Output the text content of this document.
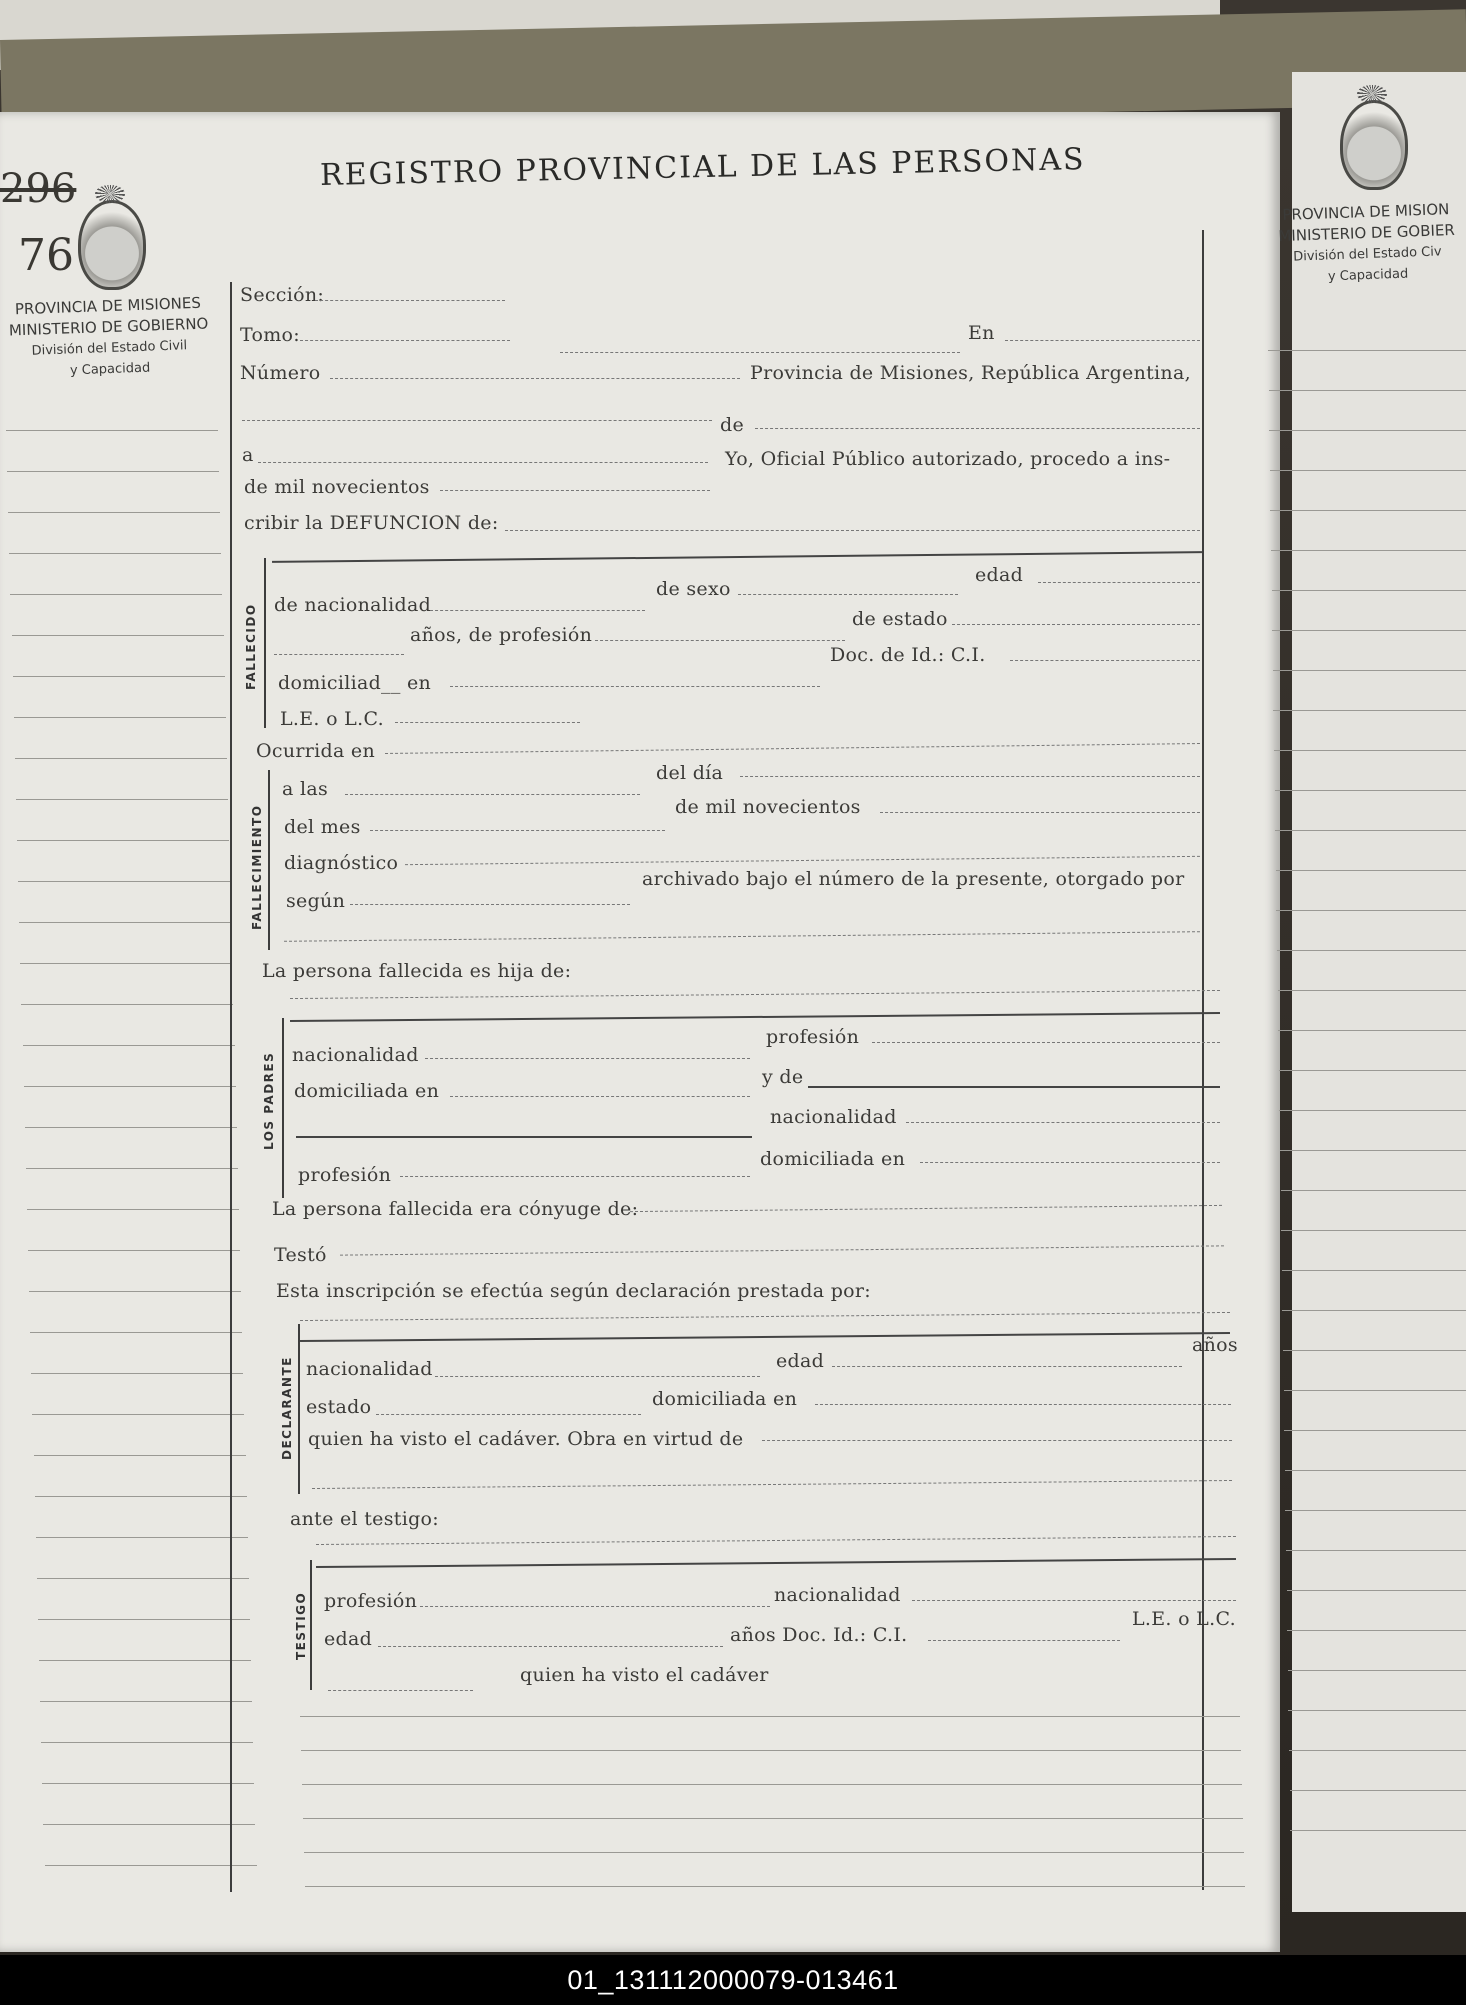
296
76
PROVINCIA DE MISIONES
MINISTERIO DE GOBIERNO
División del Estado Civil
y Capacidad
PROVINCIA DE MISION
MINISTERIO DE GOBIER
División del Estado Civ
y Capacidad
REGISTRO PROVINCIAL DE LAS PERSONAS
Sección:
Tomo:	En
Número	Provincia de Misiones, República Argentina,
de
a	Yo, Oficial Público autorizado, procedo a ins-
de mil novecientos
cribir la DEFUNCION de:
FALLECIDO de nacionalidad
de sexo
edad
años, de profesión
de estado
domiciliad__ en
Doc. de Id.: C.I.
L.E. o L.C.
Ocurrida en
FALLECIMIENTO
a las
del día
del mes
de mil novecientos
diagnóstico
según
archivado bajo el número de la presente, otorgado por
La persona fallecida es hija de:
LOS PADRES nacionalidad
profesión
domiciliada en
y de
nacionalidad
profesión
domiciliada en
La persona fallecida era cónyuge de:
Testó
Esta inscripción se efectúa según declaración prestada por:
DECLARANTE nacionalidad	edad
años
estado	domiciliada en
quien ha visto el cadáver. Obra en virtud de
ante el testigo:
TESTIGO profesión	nacionalidad
edad	años Doc. Id.: C.I.
L.E. o L.C.
quien ha visto el cadáver
01_131112000079-013461
